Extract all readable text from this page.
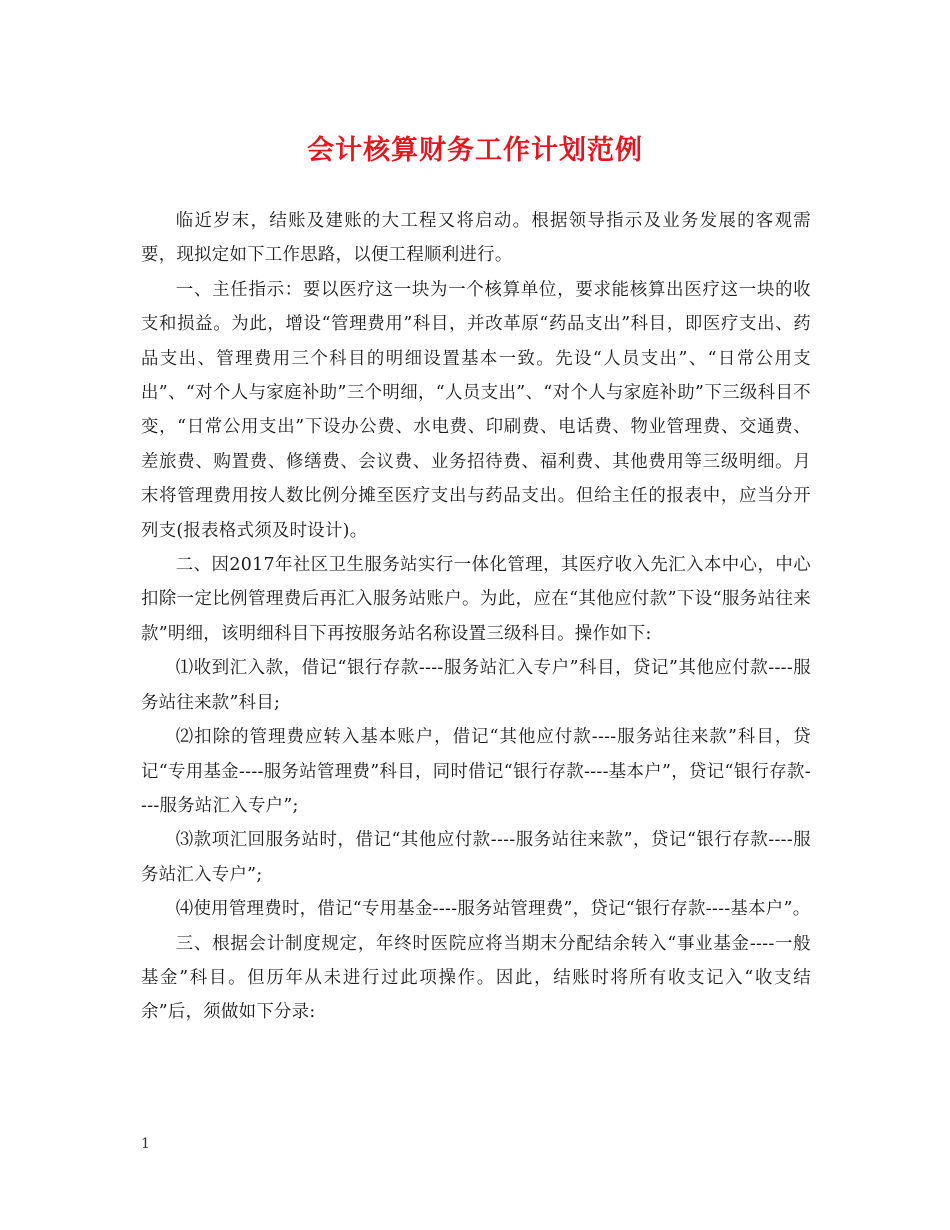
会计核算财务工作计划范例

临近岁末，结账及建账的大工程又将启动。根据领导指示及业务发展的客观需要，现拟定如下工作思路，以便工程顺利进行。

一、主任指示：要以医疗这一块为一个核算单位，要求能核算出医疗这一块的收支和损益。为此，增设“管理费用”科目，并改革原“药品支出”科目，即医疗支出、药品支出、管理费用三个科目的明细设置基本一致。先设“人员支出”、“日常公用支出”、“对个人与家庭补助”三个明细，“人员支出”、“对个人与家庭补助”下三级科目不变，“日常公用支出”下设办公费、水电费、印刷费、电话费、物业管理费、交通费、差旅费、购置费、修缮费、会议费、业务招待费、福利费、其他费用等三级明细。月末将管理费用按人数比例分摊至医疗支出与药品支出。但给主任的报表中，应当分开列支(报表格式须及时设计)。

二、因2017年社区卫生服务站实行一体化管理，其医疗收入先汇入本中心，中心扣除一定比例管理费后再汇入服务站账户。为此，应在“其他应付款”下设“服务站往来款”明细，该明细科目下再按服务站名称设置三级科目。操作如下:

⑴收到汇入款，借记“银行存款----服务站汇入专户”科目，贷记”其他应付款----服务站往来款”科目;

⑵扣除的管理费应转入基本账户，借记“其他应付款----服务站往来款”科目，贷记“专用基金----服务站管理费”科目，同时借记“银行存款----基本户”，贷记“银行存款----服务站汇入专户”;

⑶款项汇回服务站时，借记“其他应付款----服务站往来款”，贷记“银行存款----服务站汇入专户”;

⑷使用管理费时，借记“专用基金----服务站管理费”，贷记“银行存款----基本户”。

三、根据会计制度规定，年终时医院应将当期末分配结余转入“事业基金----一般基金”科目。但历年从未进行过此项操作。因此，结账时将所有收支记入“收支结余”后，须做如下分录:

1
